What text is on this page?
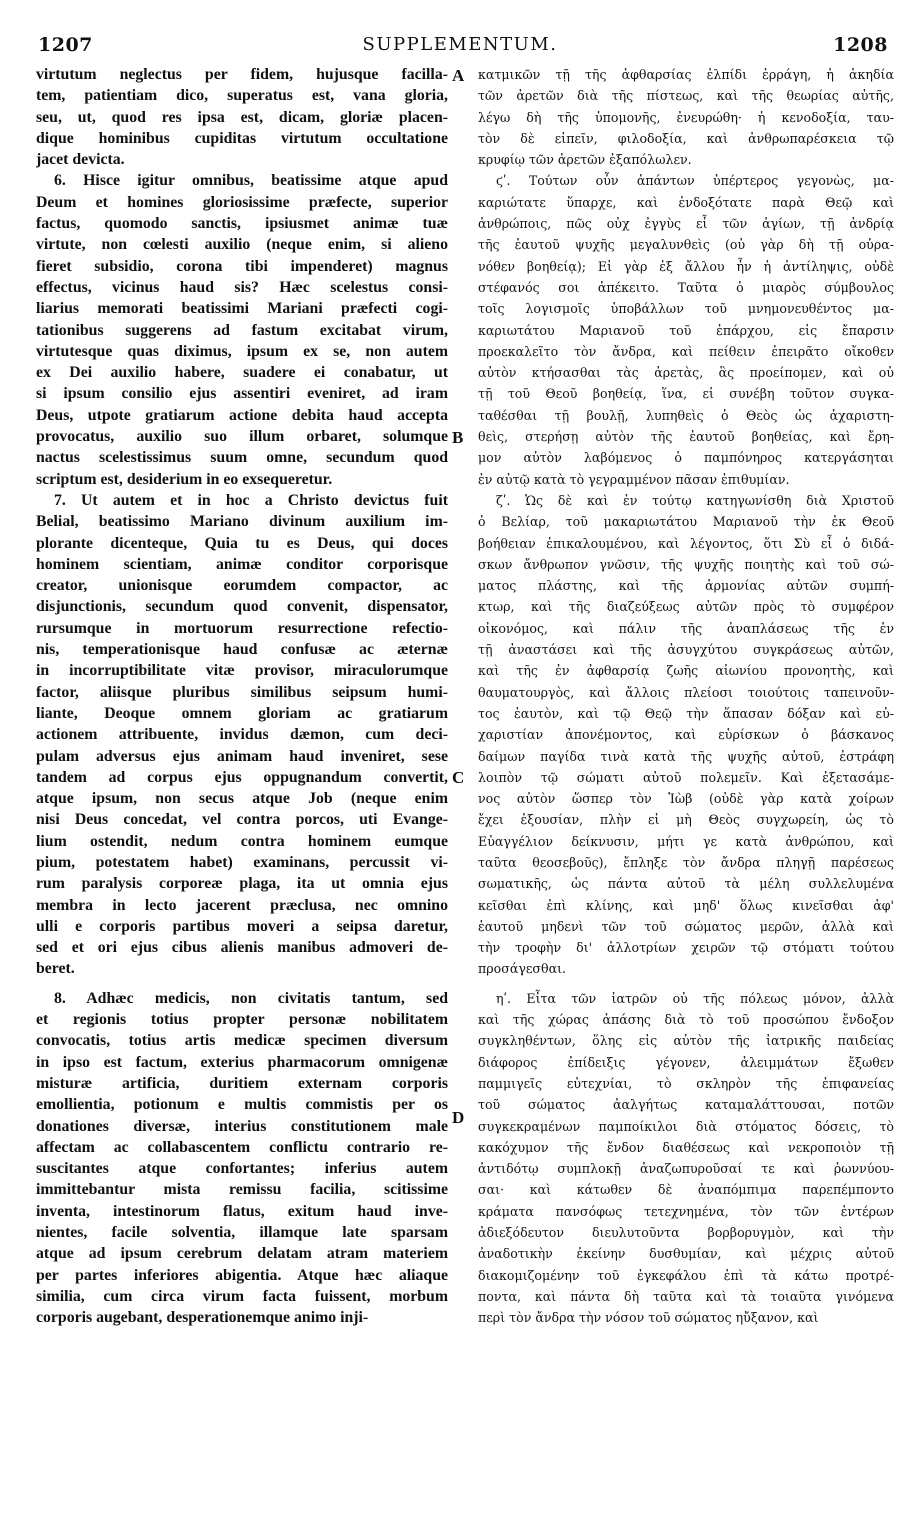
1207	SUPPLEMENTUM.	1208

virtutum neglectus per fidem, hujusque facilla-

tem, patientiam dico, superatus est, vana gloria,

seu, ut, quod res ipsa est, dicam, gloriæ placen-

dique hominibus cupiditas virtutum occultatione

jacet devicta.

6. Hisce igitur omnibus, beatissime atque apud

Deum et homines gloriosissime præfecte, superior

factus, quomodo sanctis, ipsiusmet animæ tuæ

virtute, non cœlesti auxilio (neque enim, si alieno

fieret subsidio, corona tibi impenderet) magnus

effectus, vicinus haud sis? Hæc scelestus consi-

liarius memorati beatissimi Mariani præfecti cogi-

tationibus suggerens ad fastum excitabat virum,

virtutesque quas diximus, ipsum ex se, non autem

ex Dei auxilio habere, suadere ei conabatur, ut

si ipsum consilio ejus assentiri eveniret, ad iram

Deus, utpote gratiarum actione debita haud accepta

provocatus, auxilio suo illum orbaret, solumque

nactus scelestissimus suum omne, secundum quod

scriptum est, desiderium in eo exsequeretur.

7. Ut autem et in hoc a Christo devictus fuit

Belial, beatissimo Mariano divinum auxilium im-

plorante dicenteque, Quia tu es Deus, qui doces

hominem scientiam, animæ conditor corporisque

creator, unionisque eorumdem compactor, ac

disjunctionis, secundum quod convenit, dispensator,

rursumque in mortuorum resurrectione refectio-

nis, temperationisque haud confusæ ac æternæ

in incorruptibilitate vitæ provisor, miraculorumque

factor, aliisque pluribus similibus seipsum humi-

liante, Deoque omnem gloriam ac gratiarum

actionem attribuente, invidus dæmon, cum deci-

pulam adversus ejus animam haud inveniret, sese

tandem ad corpus ejus oppugnandum convertit,

atque ipsum, non secus atque Job (neque enim

nisi Deus concedat, vel contra porcos, uti Evange-

lium ostendit, nedum contra hominem eumque

pium, potestatem habet) examinans, percussit vi-

rum paralysis corporeæ plaga, ita ut omnia ejus

membra in lecto jacerent præclusa, nec omnino

ulli e corporis partibus moveri a seipsa daretur,

sed et ori ejus cibus alienis manibus admoveri de-

beret.

8. Adhæc medicis, non civitatis tantum, sed

et regionis totius propter personæ nobilitatem

convocatis, totius artis medicæ specimen diversum

in ipso est factum, exterius pharmacorum omnigenæ

misturæ artificia, duritiem externam corporis

emollientia, potionum e multis commistis per os

donationes diversæ, interius constitutionem male

affectam ac collabascentem conflictu contrario re-

suscitantes atque confortantes; inferius autem

immittebantur mista remissu facilia, scitissime

inventa, intestinorum flatus, exitum haud inve-

nientes, facile solventia, illamque late sparsam

atque ad ipsum cerebrum delatam atram materiem

per partes inferiores abigentia. Atque hæc aliaque

similia, cum circa virum facta fuissent, morbum

corporis augebant, desperationemque animo inji-

κατμικῶν τῇ τῆς ἀφθαρσίας ἐλπίδι ἐρράγη, ἡ ἀκηδία

τῶν ἀρετῶν διὰ τῆς πίστεως, καὶ τῆς θεωρίας αὐτῆς,

λέγω δὴ τῆς ὑπομονῆς, ἐνευρώθη· ἡ κενοδοξία, ταυ-

τὸν δὲ εἰπεῖν, φιλοδοξία, καὶ ἀνθρωπαρέσκεια τῷ

κρυφίῳ τῶν ἀρετῶν ἐξαπόλωλεν.

ϛʹ. Τούτων οὖν ἁπάντων ὑπέρτερος γεγονὼς, μα-

καριώτατε ὕπαρχε, καὶ ἐνδοξότατε παρὰ Θεῷ καὶ

ἀνθρώποις, πῶς οὐχ ἐγγὺς εἶ τῶν ἁγίων, τῇ ἀνδρίᾳ

τῆς ἑαυτοῦ ψυχῆς μεγαλυνθεὶς (οὐ γὰρ δὴ τῇ οὐρα-

νόθεν βοηθείᾳ); Εἰ γὰρ ἐξ ἄλλου ἦν ἡ ἀντίληψις, οὐδὲ

στέφανός σοι ἀπέκειτο. Ταῦτα ὁ μιαρὸς σύμβουλος

τοῖς λογισμοῖς ὑποβάλλων τοῦ μνημονευθέντος μα-

καριωτάτου Μαριανοῦ τοῦ ἐπάρχου, εἰς ἔπαρσιν

προεκαλεῖτο τὸν ἄνδρα, καὶ πείθειν ἐπειρᾶτο οἴκοθεν

αὐτὸν κτήσασθαι τὰς ἀρετὰς, ἃς προείπομεν, καὶ οὐ

τῇ τοῦ Θεοῦ βοηθείᾳ, ἵνα, εἰ συνέβη τοῦτον συγκα-

ταθέσθαι τῇ βουλῇ, λυπηθεὶς ὁ Θεὸς ὡς ἀχαριστη-

θεὶς, στερήσῃ αὐτὸν τῆς ἑαυτοῦ βοηθείας, καὶ ἔρη-

μον αὐτὸν λαβόμενος ὁ παμπόνηρος κατεργάσηται

ἐν αὐτῷ κατὰ τὸ γεγραμμένον πᾶσαν ἐπιθυμίαν.

ζʹ. Ὡς δὲ καὶ ἐν τούτῳ κατηγωνίσθη διὰ Χριστοῦ

ὁ Βελίαρ, τοῦ μακαριωτάτου Μαριανοῦ τὴν ἐκ Θεοῦ

βοήθειαν ἐπικαλουμένου, καὶ λέγοντος, ὅτι Σὺ εἶ ὁ διδά-

σκων ἄνθρωπον γνῶσιν, τῆς ψυχῆς ποιητὴς καὶ τοῦ σώ-

ματος πλάστης, καὶ τῆς ἁρμονίας αὐτῶν συμπή-

κτωρ, καὶ τῆς διαζεύξεως αὐτῶν πρὸς τὸ συμφέρον

οἰκονόμος, καὶ πάλιν τῆς ἀναπλάσεως τῆς ἐν

τῇ ἀναστάσει καὶ τῆς ἀσυγχύτου συγκράσεως αὐτῶν,

καὶ τῆς ἐν ἀφθαρσίᾳ ζωῆς αἰωνίου προνοητὴς, καὶ

θαυματουργὸς, καὶ ἄλλοις πλείοσι τοιούτοις ταπεινοῦν-

τος ἑαυτὸν, καὶ τῷ Θεῷ τὴν ἅπασαν δόξαν καὶ εὐ-

χαριστίαν ἀπονέμοντος, καὶ εὑρίσκων ὁ βάσκανος

δαίμων παγίδα τινὰ κατὰ τῆς ψυχῆς αὐτοῦ, ἐστράφη

λοιπὸν τῷ σώματι αὐτοῦ πολεμεῖν. Καὶ ἐξετασάμε-

νος αὐτὸν ὥσπερ τὸν Ἰὼβ (οὐδὲ γὰρ κατὰ χοίρων

ἔχει ἐξουσίαν, πλὴν εἰ μὴ Θεὸς συγχωρείη, ὡς τὸ

Εὐαγγέλιον δείκνυσιν, μήτι γε κατὰ ἀνθρώπου, καὶ

ταῦτα θεοσεβοῦς), ἔπληξε τὸν ἄνδρα πληγῇ παρέσεως

σωματικῆς, ὡς πάντα αὐτοῦ τὰ μέλη συλλελυμένα

κεῖσθαι ἐπὶ κλίνης, καὶ μηδ' ὅλως κινεῖσθαι ἀφ'

ἑαυτοῦ μηδενὶ τῶν τοῦ σώματος μερῶν, ἀλλὰ καὶ

τὴν τροφὴν δι' ἀλλοτρίων χειρῶν τῷ στόματι τούτου

προσάγεσθαι.

ηʹ. Εἶτα τῶν ἰατρῶν οὐ τῆς πόλεως μόνον, ἀλλὰ

καὶ τῆς χώρας ἁπάσης διὰ τὸ τοῦ προσώπου ἔνδοξον

συγκληθέντων, ὅλης εἰς αὐτὸν τῆς ἰατρικῆς παιδείας

διάφορος ἐπίδειξις γέγονεν, ἀλειμμάτων ἔξωθεν

παμμιγεῖς εὐτεχνίαι, τὸ σκληρὸν τῆς ἐπιφανείας

τοῦ σώματος ἀαλγήτως καταμαλάττουσαι, ποτῶν

συγκεκραμένων παμποίκιλοι διὰ στόματος δόσεις, τὸ

κακόχυμον τῆς ἔνδον διαθέσεως καὶ νεκροποιὸν τῇ

ἀντιδότῳ συμπλοκῇ ἀναζωπυροῦσαί τε καὶ ῥωννύου-

σαι· καὶ κάτωθεν δὲ ἀναπόμπιμα παρεπέμποντο

κράματα πανσόφως τετεχνημένα, τὸν τῶν ἐντέρων

ἀδιεξόδευτον διευλυτοῦντα βορβορυγμὸν, καὶ τὴν

ἀναδοτικὴν ἐκείνην δυσθυμίαν, καὶ μέχρις αὐτοῦ

διακομιζομένην τοῦ ἐγκεφάλου ἐπὶ τὰ κάτω προτρέ-

ποντα, καὶ πάντα δὴ ταῦτα καὶ τὰ τοιαῦτα γινόμενα

περὶ τὸν ἄνδρα τὴν νόσον τοῦ σώματος ηὔξανον, καὶ

A
B
C
D
